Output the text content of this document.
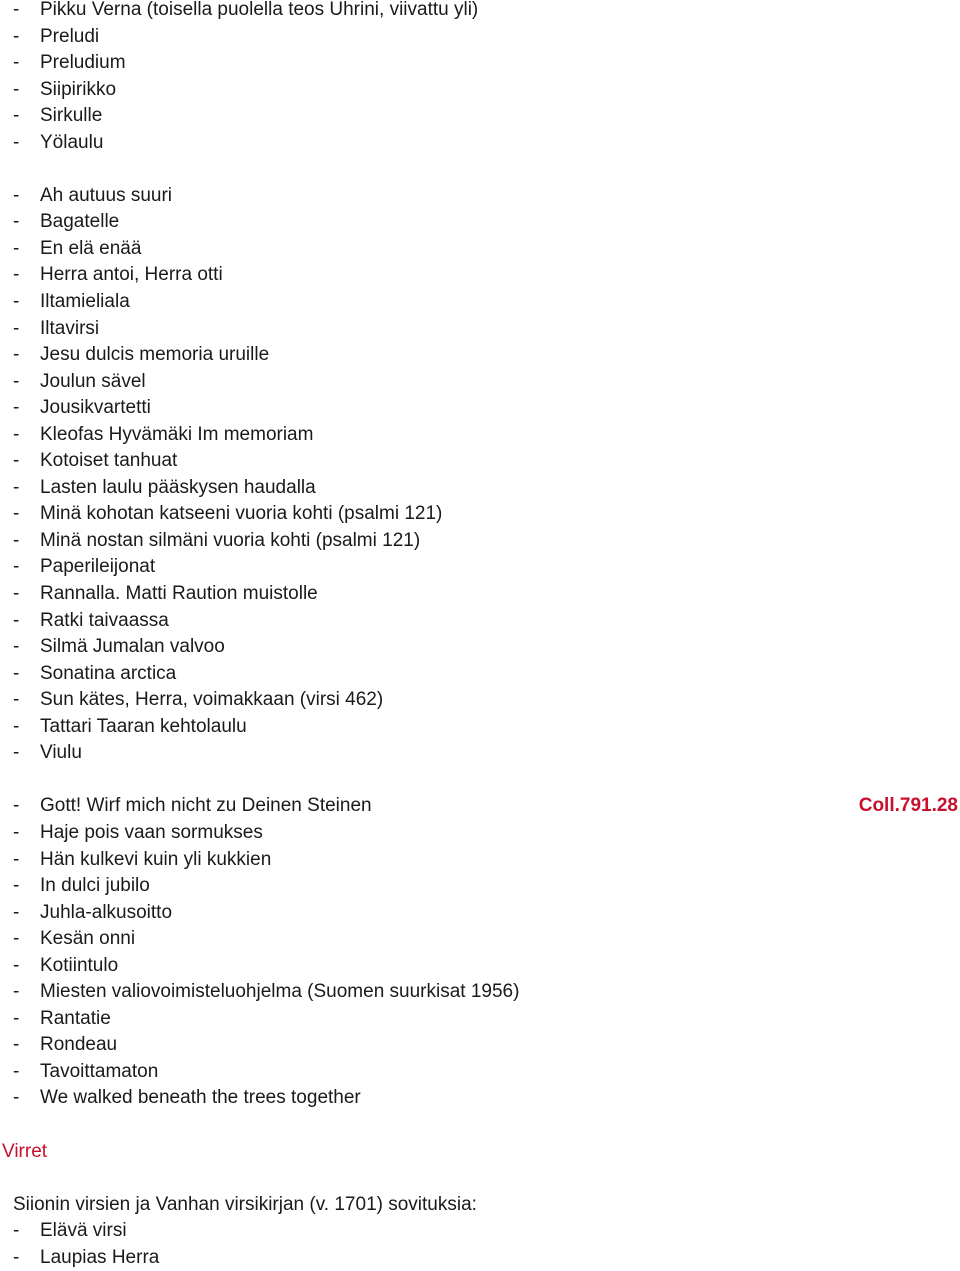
- Pikku Verna (toisella puolella teos Uhrini, viivattu yli)
- Preludi
- Preludium
- Siipirikko
- Sirkulle
- Yölaulu
- Ah autuus suuri
- Bagatelle
- En elä enää
- Herra antoi, Herra otti
- Iltamieliala
- Iltavirsi
- Jesu dulcis memoria uruille
- Joulun sävel
- Jousikvartetti
- Kleofas Hyvämäki Im memoriam
- Kotoiset tanhuat
- Lasten laulu pääskysen haudalla
- Minä kohotan katseeni vuoria kohti (psalmi 121)
- Minä nostan silmäni vuoria kohti (psalmi 121)
- Paperileijonat
- Rannalla. Matti Raution muistolle
- Ratki taivaassa
- Silmä Jumalan valvoo
- Sonatina arctica
- Sun kätes, Herra, voimakkaan (virsi 462)
- Tattari Taaran kehtolaulu
- Viulu
- Gott! Wirf mich nicht zu Deinen Steinen	Coll.791.28
- Haje pois vaan sormukses
- Hän kulkevi kuin yli kukkien
- In dulci jubilo
- Juhla-alkusoitto
- Kesän onni
- Kotiintulo
- Miesten valiovoimisteluohjelma (Suomen suurkisat 1956)
- Rantatie
- Rondeau
- Tavoittamaton
- We walked beneath the trees together
Virret
Siionin virsien ja Vanhan virsikirjan (v. 1701) sovituksia:
- Elävä virsi
- Laupias Herra
